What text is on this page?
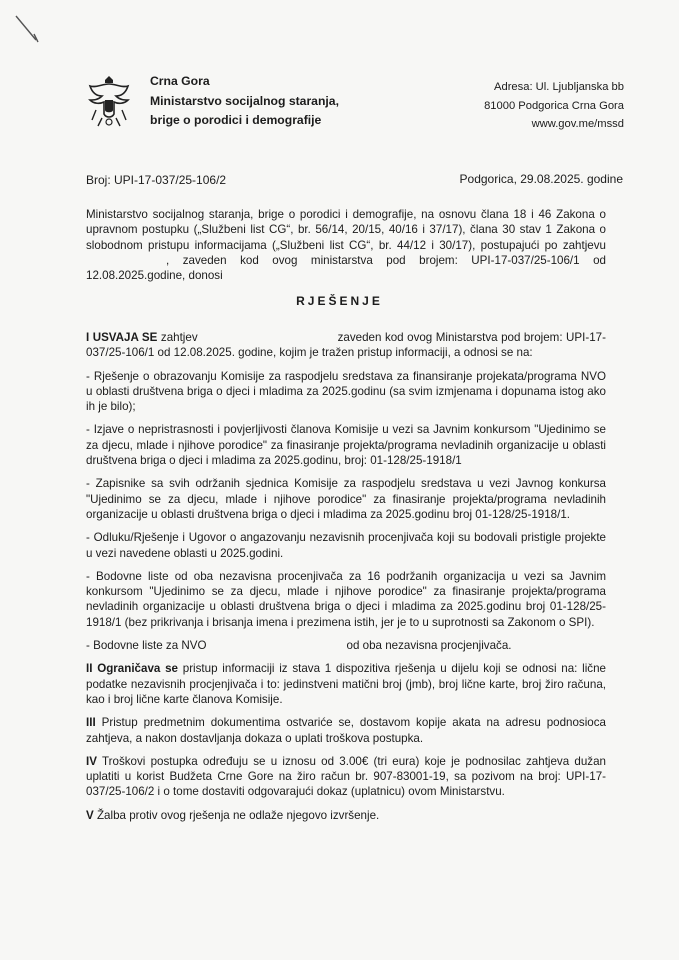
Crna Gora
Ministarstvo socijalnog staranja,
brige o porodici i demografije
Adresa: Ul. Ljubljanska bb
81000 Podgorica Crna Gora
www.gov.me/mssd
Broj: UPI-17-037/25-106/2	Podgorica, 29.08.2025. godine
Ministarstvo socijalnog staranja, brige o porodici i demografije, na osnovu člana 18 i 46 Zakona o upravnom postupku („Službeni list CG“, br. 56/14, 20/15, 40/16 i 37/17), člana 30 stav 1 Zakona o slobodnom pristupu informacijama („Službeni list CG“, br. 44/12 i 30/17), postupajući po zahtjevu, zaveden kod ovog ministarstva pod brojem: UPI-17-037/25-106/1 od 12.08.2025.godine, donosi
RJEŠENJE

I USVAJA SE zahtjev	zaveden kod ovog Ministarstva pod brojem: UPI-17-037/25-106/1 od 12.08.2025. godine, kojim je tražen pristup informaciji, a odnosi se na:

- Rješenje o obrazovanju Komisije za raspodjelu sredstava za finansiranje projekata/programa NVO u oblasti društvena briga o djeci i mladima za 2025.godinu (sa svim izmjenama i dopunama istog ako ih je bilo);

- Izjave o nepristrasnosti i povjerljivosti članova Komisije u vezi sa Javnim konkursom "Ujedinimo se za djecu, mlade i njihove porodice" za finasiranje projekta/programa nevladinih organizacije u oblasti društvena briga o djeci i mladima za 2025.godinu, broj: 01-128/25-1918/1

- Zapisnike sa svih održanih sjednica Komisije za raspodjelu sredstava u vezi Javnog konkursa "Ujedinimo se za djecu, mlade i njihove porodice" za finasiranje projekta/programa nevladinih organizacije u oblasti društvena briga o djeci i mladima za 2025.godinu broj 01-128/25-1918/1.

- Odluku/Rješenje i Ugovor o angazovanju nezavisnih procenjivača koji su bodovali pristigle projekte u vezi navedene oblasti u 2025.godini.

- Bodovne liste od oba nezavisna procenjivača za 16 podržanih organizacija u vezi sa Javnim konkursom "Ujedinimo se za djecu, mlade i njihove porodice" za finasiranje projekta/programa nevladinih organizacije u oblasti društvena briga o djeci i mladima za 2025.godinu broj 01-128/25-1918/1 (bez prikrivanja i brisanja imena i prezimena istih, jer je to u suprotnosti sa Zakonom o SPI).

- Bodovne liste za NVO	od oba nezavisna procjenjivača.

II Ograničava se pristup informaciji iz stava 1 dispozitiva rješenja u dijelu koji se odnosi na: lične podatke nezavisnih procjenjivača i to: jedinstveni matični broj (jmb), broj lične karte, broj žiro računa, kao i broj lične karte članova Komisije.

III Pristup predmetnim dokumentima ostvariće se, dostavom kopije akata na adresu podnosioca zahtjeva, a nakon dostavljanja dokaza o uplati troškova postupka.

IV Troškovi postupka određuju se u iznosu od 3.00€ (tri eura) koje je podnosilac zahtjeva dužan uplatiti u korist Budžeta Crne Gore na žiro račun br. 907-83001-19, sa pozivom na broj: UPI-17-037/25-106/2 i o tome dostaviti odgovarajući dokaz (uplatnicu) ovom Ministarstvu.

V Žalba protiv ovog rješenja ne odlaže njegovo izvršenje.
